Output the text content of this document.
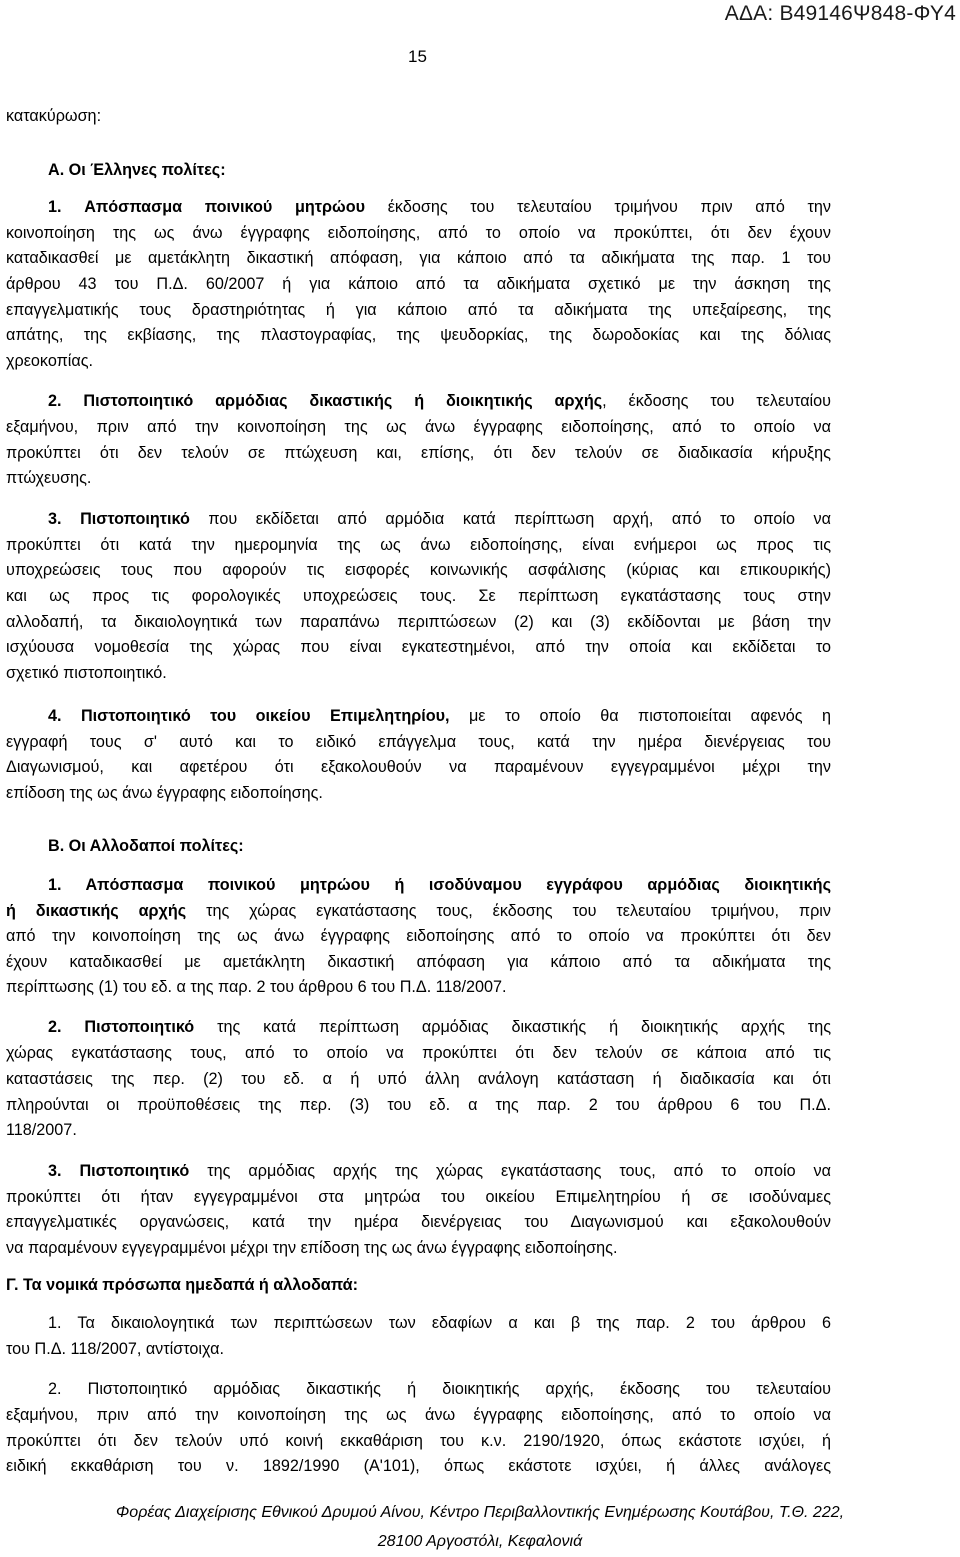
ΑΔΑ: Β49146Ψ848-ΦΥ4
15
κατακύρωση:
Α. Οι Έλληνες πολίτες:
1. Απόσπασμα ποινικού μητρώου έκδοσης του τελευταίου τριμήνου πριν από την
κοινοποίηση της ως άνω έγγραφης ειδοποίησης, από το οποίο να προκύπτει, ότι δεν έχουν
καταδικασθεί με αμετάκλητη δικαστική απόφαση, για κάποιο από τα αδικήματα της παρ. 1 του
άρθρου 43 του Π.Δ. 60/2007 ή για κάποιο από τα αδικήματα σχετικό με την άσκηση της
επαγγελματικής τους δραστηριότητας ή για κάποιο από τα αδικήματα της υπεξαίρεσης, της
απάτης, της εκβίασης, της πλαστογραφίας, της ψευδορκίας, της δωροδοκίας και της δόλιας
χρεοκοπίας.
2. Πιστοποιητικό αρμόδιας δικαστικής ή διοικητικής αρχής, έκδοσης του τελευταίου
εξαμήνου, πριν από την κοινοποίηση της ως άνω έγγραφης ειδοποίησης, από το οποίο να
προκύπτει ότι δεν τελούν σε πτώχευση και, επίσης, ότι δεν τελούν σε διαδικασία κήρυξης
πτώχευσης.
3. Πιστοποιητικό που εκδίδεται από αρμόδια κατά περίπτωση αρχή, από το οποίο να
προκύπτει ότι κατά την ημερομηνία της ως άνω ειδοποίησης, είναι ενήμεροι ως προς τις
υποχρεώσεις τους που αφορούν τις εισφορές κοινωνικής ασφάλισης (κύριας και επικουρικής)
και ως προς τις φορολογικές υποχρεώσεις τους. Σε περίπτωση εγκατάστασης τους στην
αλλοδαπή, τα δικαιολογητικά των παραπάνω περιπτώσεων (2) και (3) εκδίδονται με βάση την
ισχύουσα νομοθεσία της χώρας που είναι εγκατεστημένοι, από την οποία και εκδίδεται το
σχετικό πιστοποιητικό.
4. Πιστοποιητικό του οικείου Επιμελητηρίου, με το οποίο θα πιστοποιείται αφενός η
εγγραφή τους σ' αυτό και το ειδικό επάγγελμα τους, κατά την ημέρα διενέργειας του
Διαγωνισμού, και αφετέρου ότι εξακολουθούν να παραμένουν εγγεγραμμένοι μέχρι την
επίδοση της ως άνω έγγραφης ειδοποίησης.
Β. Οι Αλλοδαποί πολίτες:
1. Απόσπασμα ποινικού μητρώου ή ισοδύναμου εγγράφου αρμόδιας διοικητικής
ή δικαστικής αρχής της χώρας εγκατάστασης τους, έκδοσης του τελευταίου τριμήνου, πριν
από την κοινοποίηση της ως άνω έγγραφης ειδοποίησης από το οποίο να προκύπτει ότι δεν
έχουν καταδικασθεί με αμετάκλητη δικαστική απόφαση για κάποιο από τα αδικήματα της
περίπτωσης (1) του εδ. α της παρ. 2 του άρθρου 6 του Π.Δ. 118/2007.
2. Πιστοποιητικό της κατά περίπτωση αρμόδιας δικαστικής ή διοικητικής αρχής της
χώρας εγκατάστασης τους, από το οποίο να προκύπτει ότι δεν τελούν σε κάποια από τις
καταστάσεις της περ. (2) του εδ. α ή υπό άλλη ανάλογη κατάσταση ή διαδικασία και ότι
πληρούνται οι προϋποθέσεις της περ. (3) του εδ. α της παρ. 2 του άρθρου 6 του Π.Δ.
118/2007.
3. Πιστοποιητικό της αρμόδιας αρχής της χώρας εγκατάστασης τους, από το οποίο να
προκύπτει ότι ήταν εγγεγραμμένοι στα μητρώα του οικείου Επιμελητηρίου ή σε ισοδύναμες
επαγγελματικές οργανώσεις, κατά την ημέρα διενέργειας του Διαγωνισμού και εξακολουθούν
να παραμένουν εγγεγραμμένοι μέχρι την επίδοση της ως άνω έγγραφης ειδοποίησης.
Γ. Τα νομικά πρόσωπα ημεδαπά ή αλλοδαπά:
1. Τα δικαιολογητικά των περιπτώσεων των εδαφίων α και β της παρ. 2 του άρθρου 6
του Π.Δ. 118/2007, αντίστοιχα.
2. Πιστοποιητικό αρμόδιας δικαστικής ή διοικητικής αρχής, έκδοσης του τελευταίου
εξαμήνου, πριν από την κοινοποίηση της ως άνω έγγραφης ειδοποίησης, από το οποίο να
προκύπτει ότι δεν τελούν υπό κοινή εκκαθάριση του κ.ν. 2190/1920, όπως εκάστοτε ισχύει, ή
ειδική εκκαθάριση του ν. 1892/1990 (Α'101), όπως εκάστοτε ισχύει, ή άλλες ανάλογες
Φορέας Διαχείρισης Εθνικού Δρυμού Αίνου, Κέντρο Περιβαλλοντικής Ενημέρωσης Κουτάβου, Τ.Θ. 222,
28100 Αργοστόλι, Κεφαλονιά
